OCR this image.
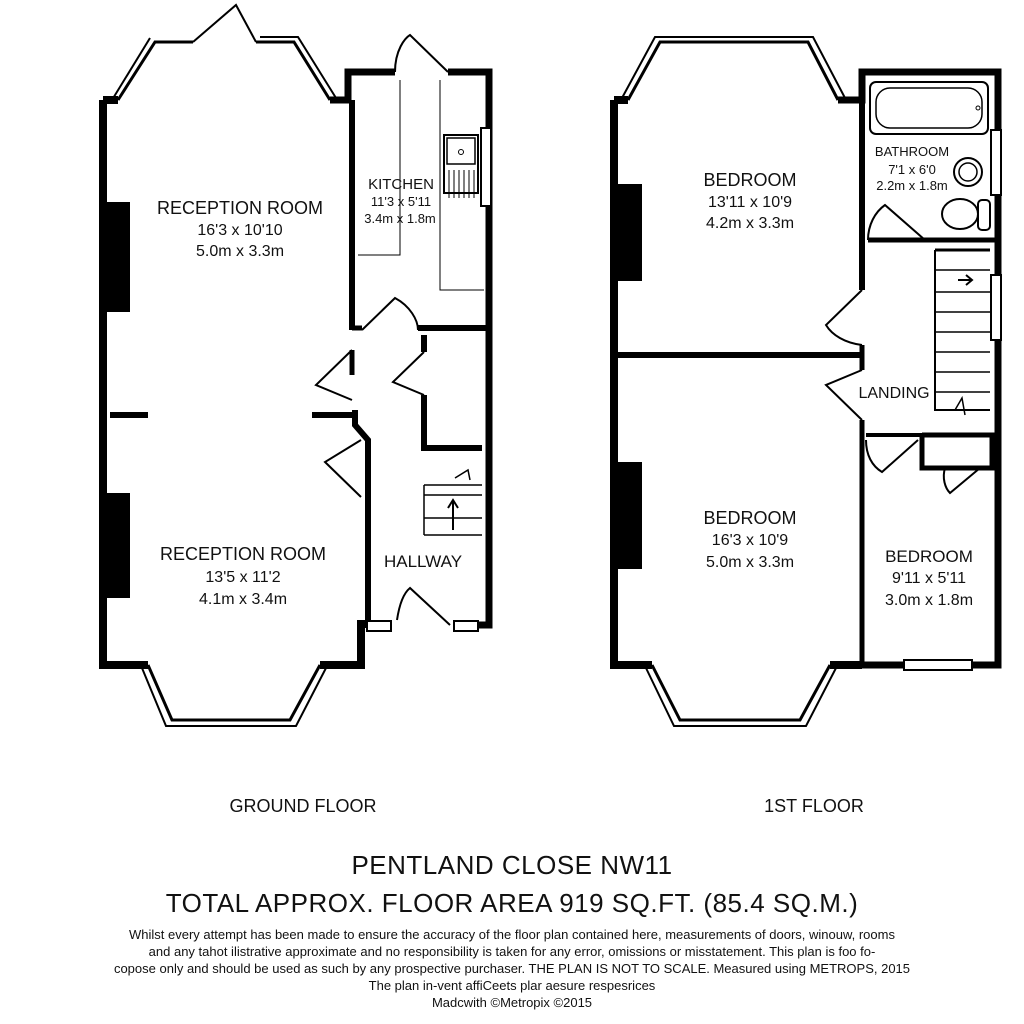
RECEPTION ROOM
16'3 x 10'10
5.0m x 3.3m
KITCHEN
11'3 x 5'11
3.4m x 1.8m
RECEPTION ROOM
13'5 x 11'2
4.1m x 3.4m
HALLWAY
BEDROOM
13'11 x 10'9
4.2m x 3.3m
BATHROOM
7'1 x 6'0
2.2m x 1.8m
LANDING
BEDROOM
16'3 x 10'9
5.0m x 3.3m	BEDROOM
9'11 x 5'11
3.0m x 1.8m
GROUND FLOOR	1ST FLOOR
PENTLAND CLOSE NW11
TOTAL APPROX. FLOOR AREA 919 SQ.FT. (85.4 SQ.M.)
Whilst every attempt has been made to ensure the accuracy of the floor plan contained here, measurements of doors, winouw, rooms
and any tahot ilistrative approximate and no responsibility is taken for any error, omissions or misstatement. This plan is foo fo-
copose only and should be used as such by any prospective purchaser. THE PLAN IS NOT TO SCALE. Measured using METROPS, 2015
The plan in-vent affiCeets plar aesure respesrices
Madcwith ©Metropix ©2015
